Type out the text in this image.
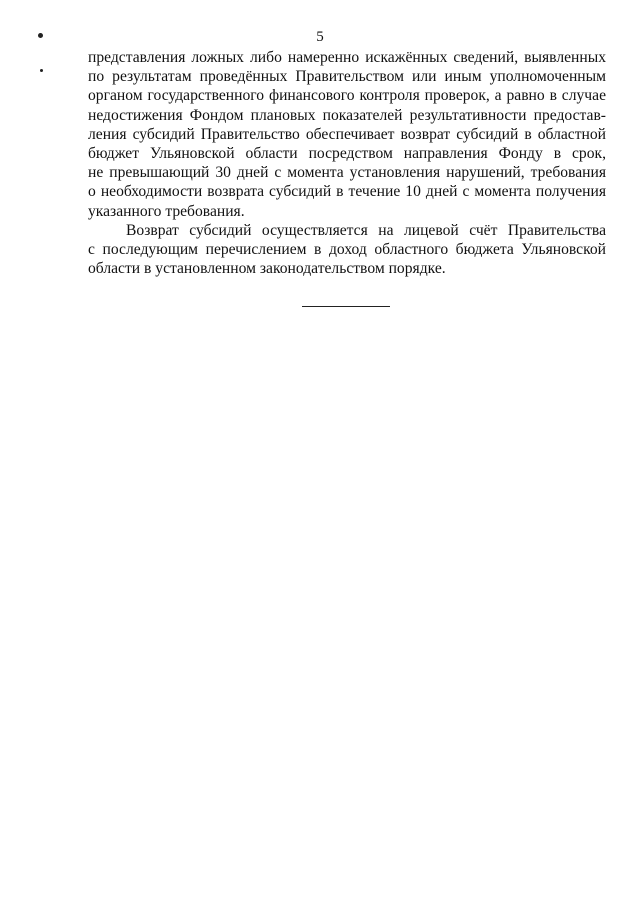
5

представления ложных либо намеренно искажённых сведений, выявленных
по результатам проведённых Правительством или иным уполномоченным
органом государственного финансового контроля проверок, а равно в случае
недостижения Фондом плановых показателей результативности предостав-
ления субсидий Правительство обеспечивает возврат субсидий в областной
бюджет Ульяновской области посредством направления Фонду в срок,
не превышающий 30 дней с момента установления нарушений, требования
о необходимости возврата субсидий в течение 10 дней с момента получения
указанного требования.

Возврат субсидий осуществляется на лицевой счёт Правительства
с последующим перечислением в доход областного бюджета Ульяновской
области в установленном законодательством порядке.
